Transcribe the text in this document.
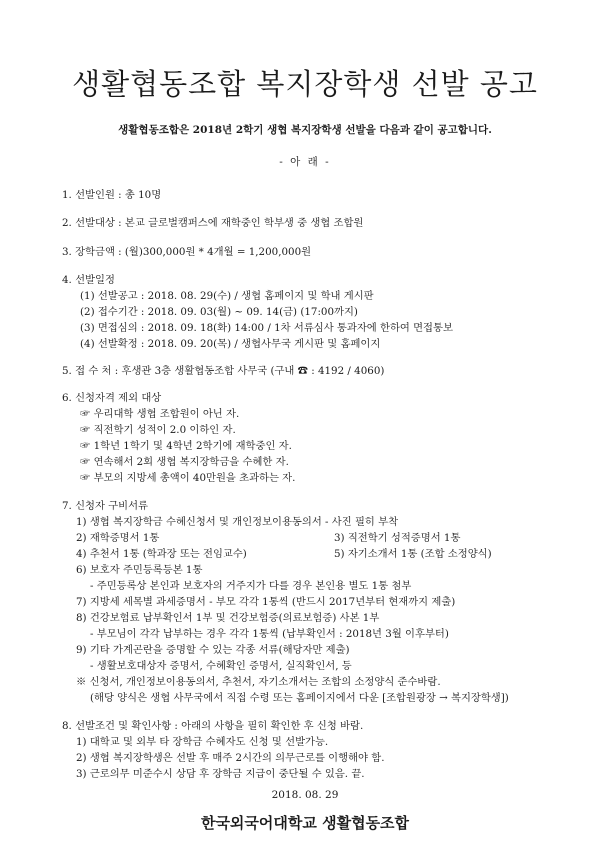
생활협동조합 복지장학생 선발 공고
생활협동조합은 2018년 2학기 생협 복지장학생 선발을 다음과 같이 공고합니다.
- 아 래 -
1. 선발인원 : 총 10명
2. 선발대상 : 본교 글로벌캠퍼스에 재학중인 학부생 중 생협 조합원
3. 장학금액 : (월)300,000원 * 4개월 = 1,200,000원
4. 선발일정
(1) 선발공고 : 2018. 08. 29(수) / 생협 홈페이지 및 학내 게시판
(2) 접수기간 : 2018. 09. 03(월) ~ 09. 14(금) (17:00까지)
(3) 면접심의 : 2018. 09. 18(화) 14:00 / 1차 서류심사 통과자에 한하여 면접통보
(4) 선발확정 : 2018. 09. 20(목) / 생협사무국 게시판 및 홈페이지
5. 접 수 처 : 후생관 3층 생활협동조합 사무국 (구내 ☎ : 4192 / 4060)
6. 신청자격 제외 대상
☞ 우리대학 생협 조합원이 아닌 자.
☞ 직전학기 성적이 2.0 이하인 자.
☞ 1학년 1학기 및 4학년 2학기에 재학중인 자.
☞ 연속해서 2회 생협 복지장학금을 수혜한 자.
☞ 부모의 지방세 총액이 40만원을 초과하는 자.
7. 신청자 구비서류
1) 생협 복지장학금 수혜신청서 및 개인정보이용동의서 - 사진 필히 부착
2) 재학증명서 1통	3) 직전학기 성적증명서 1통
4) 추천서 1통 (학과장 또는 전임교수)	5) 자기소개서 1통 (조합 소정양식)
6) 보호자 주민등록등본 1통
- 주민등록상 본인과 보호자의 거주지가 다를 경우 본인용 별도 1통 첨부
7) 지방세 세목별 과세증명서 - 부모 각각 1통씩 (반드시 2017년부터 현재까지 제출)
8) 건강보험료 납부확인서 1부 및 건강보험증(의료보험증) 사본 1부
- 부모님이 각각 납부하는 경우 각각 1통씩 (납부확인서 : 2018년 3월 이후부터)
9) 기타 가계곤란을 증명할 수 있는 각종 서류(해당자만 제출)
- 생활보호대상자 증명서, 수혜확인 증명서, 실직확인서, 등
※ 신청서, 개인정보이용동의서, 추천서, 자기소개서는 조합의 소정양식 준수바람.
(해당 양식은 생협 사무국에서 직접 수령 또는 홈페이지에서 다운 [조합원광장 → 복지장학생])
8. 선발조건 및 확인사항 : 아래의 사항을 필히 확인한 후 신청 바람.
1) 대학교 및 외부 타 장학금 수혜자도 신청 및 선발가능.
2) 생협 복지장학생은 선발 후 매주 2시간의 의무근로를 이행해야 함.
3) 근로의무 미준수시 상담 후 장학금 지급이 중단될 수 있음. 끝.
2018. 08. 29
한국외국어대학교 생활협동조합
